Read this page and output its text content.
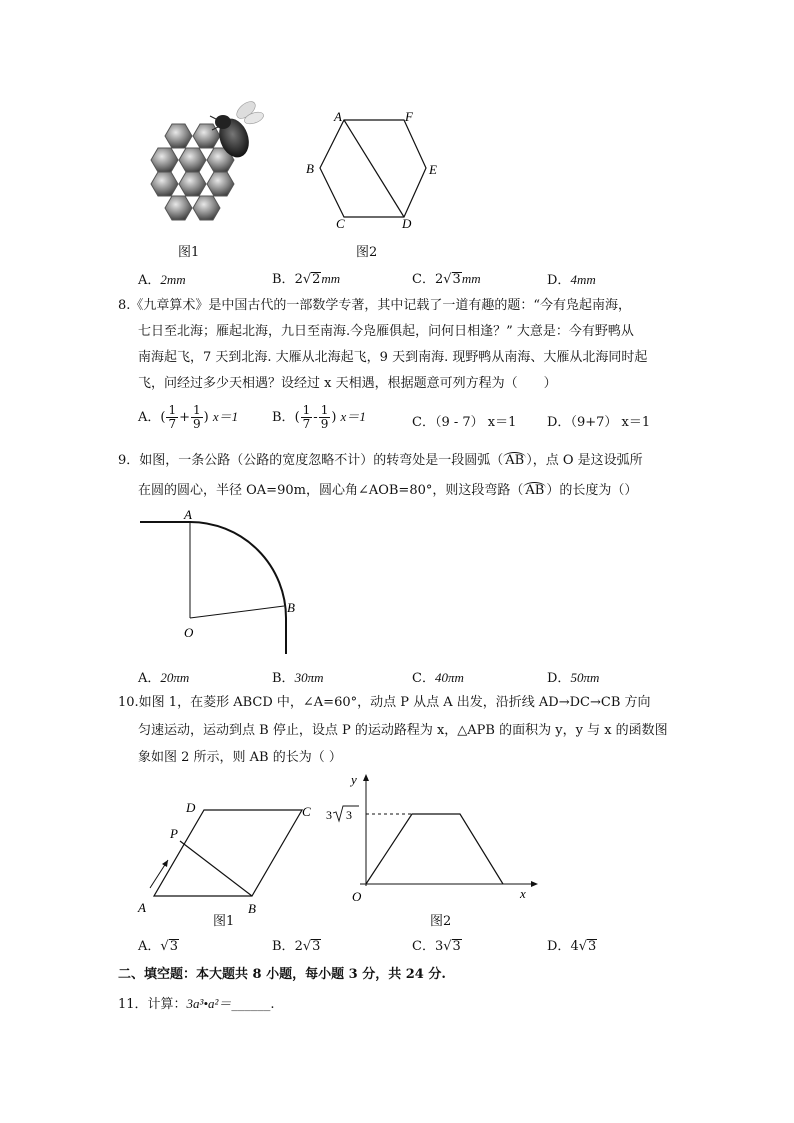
A	F
B	E
C	D
图1	图2
A．2mm	B．2 √ 2mm	C．2 √ 3mm	D．4mm
8.《九章算术》是中国古代的一部数学专著，其中记载了一道有趣的题：“今有凫起南海，
七日至北海；雁起北海，九日至南海.今凫雁俱起，问何日相逢？” 大意是：今有野鸭从
南海起飞，7 天到北海. 大雁从北海起飞，9 天到南海. 现野鸭从南海、大雁从北海同时起
飞，问经过多少天相遇？设经过 x 天相遇，根据题意可列方程为（　　）
A．( $\frac{1}{7} + \frac{1}{9}$ ) x＝1	B．( $\frac{1}{7} - \frac{1}{9}$ ) x＝1	C．（9 - 7） x＝1 D．（9+7） x＝1
9．如图，一条公路（公路的宽度忽略不计）的转弯处是一段圆弧（ AB ），点 O 是这设弧所
在圆的圆心，半径 OA=90m，圆心角∠AOB=80°，则这段弯路（ AB ）的长度为（）
A
B
O
A．20πm	B．30πm	C．40πm	D．50πm
10.如图 1，在菱形 ABCD 中，∠A=60°，动点 P 从点 A 出发，沿折线 AD→DC→CB 方向
匀速运动，运动到点 B 停止，设点 P 的运动路程为 x，△APB 的面积为 y，y 与 x 的函数图
象如图 2 所示，则 AB 的长为（ ）
A	B
C
D
P
图1
y
x
O
3 3
图2
A． √ 3	B．2 √ 3	C．3 √ 3	D．4 √ 3
二、填空题：本大题共 8 小题，每小题 3 分，共 24 分.
11．计算：3a³•a²＝______.
